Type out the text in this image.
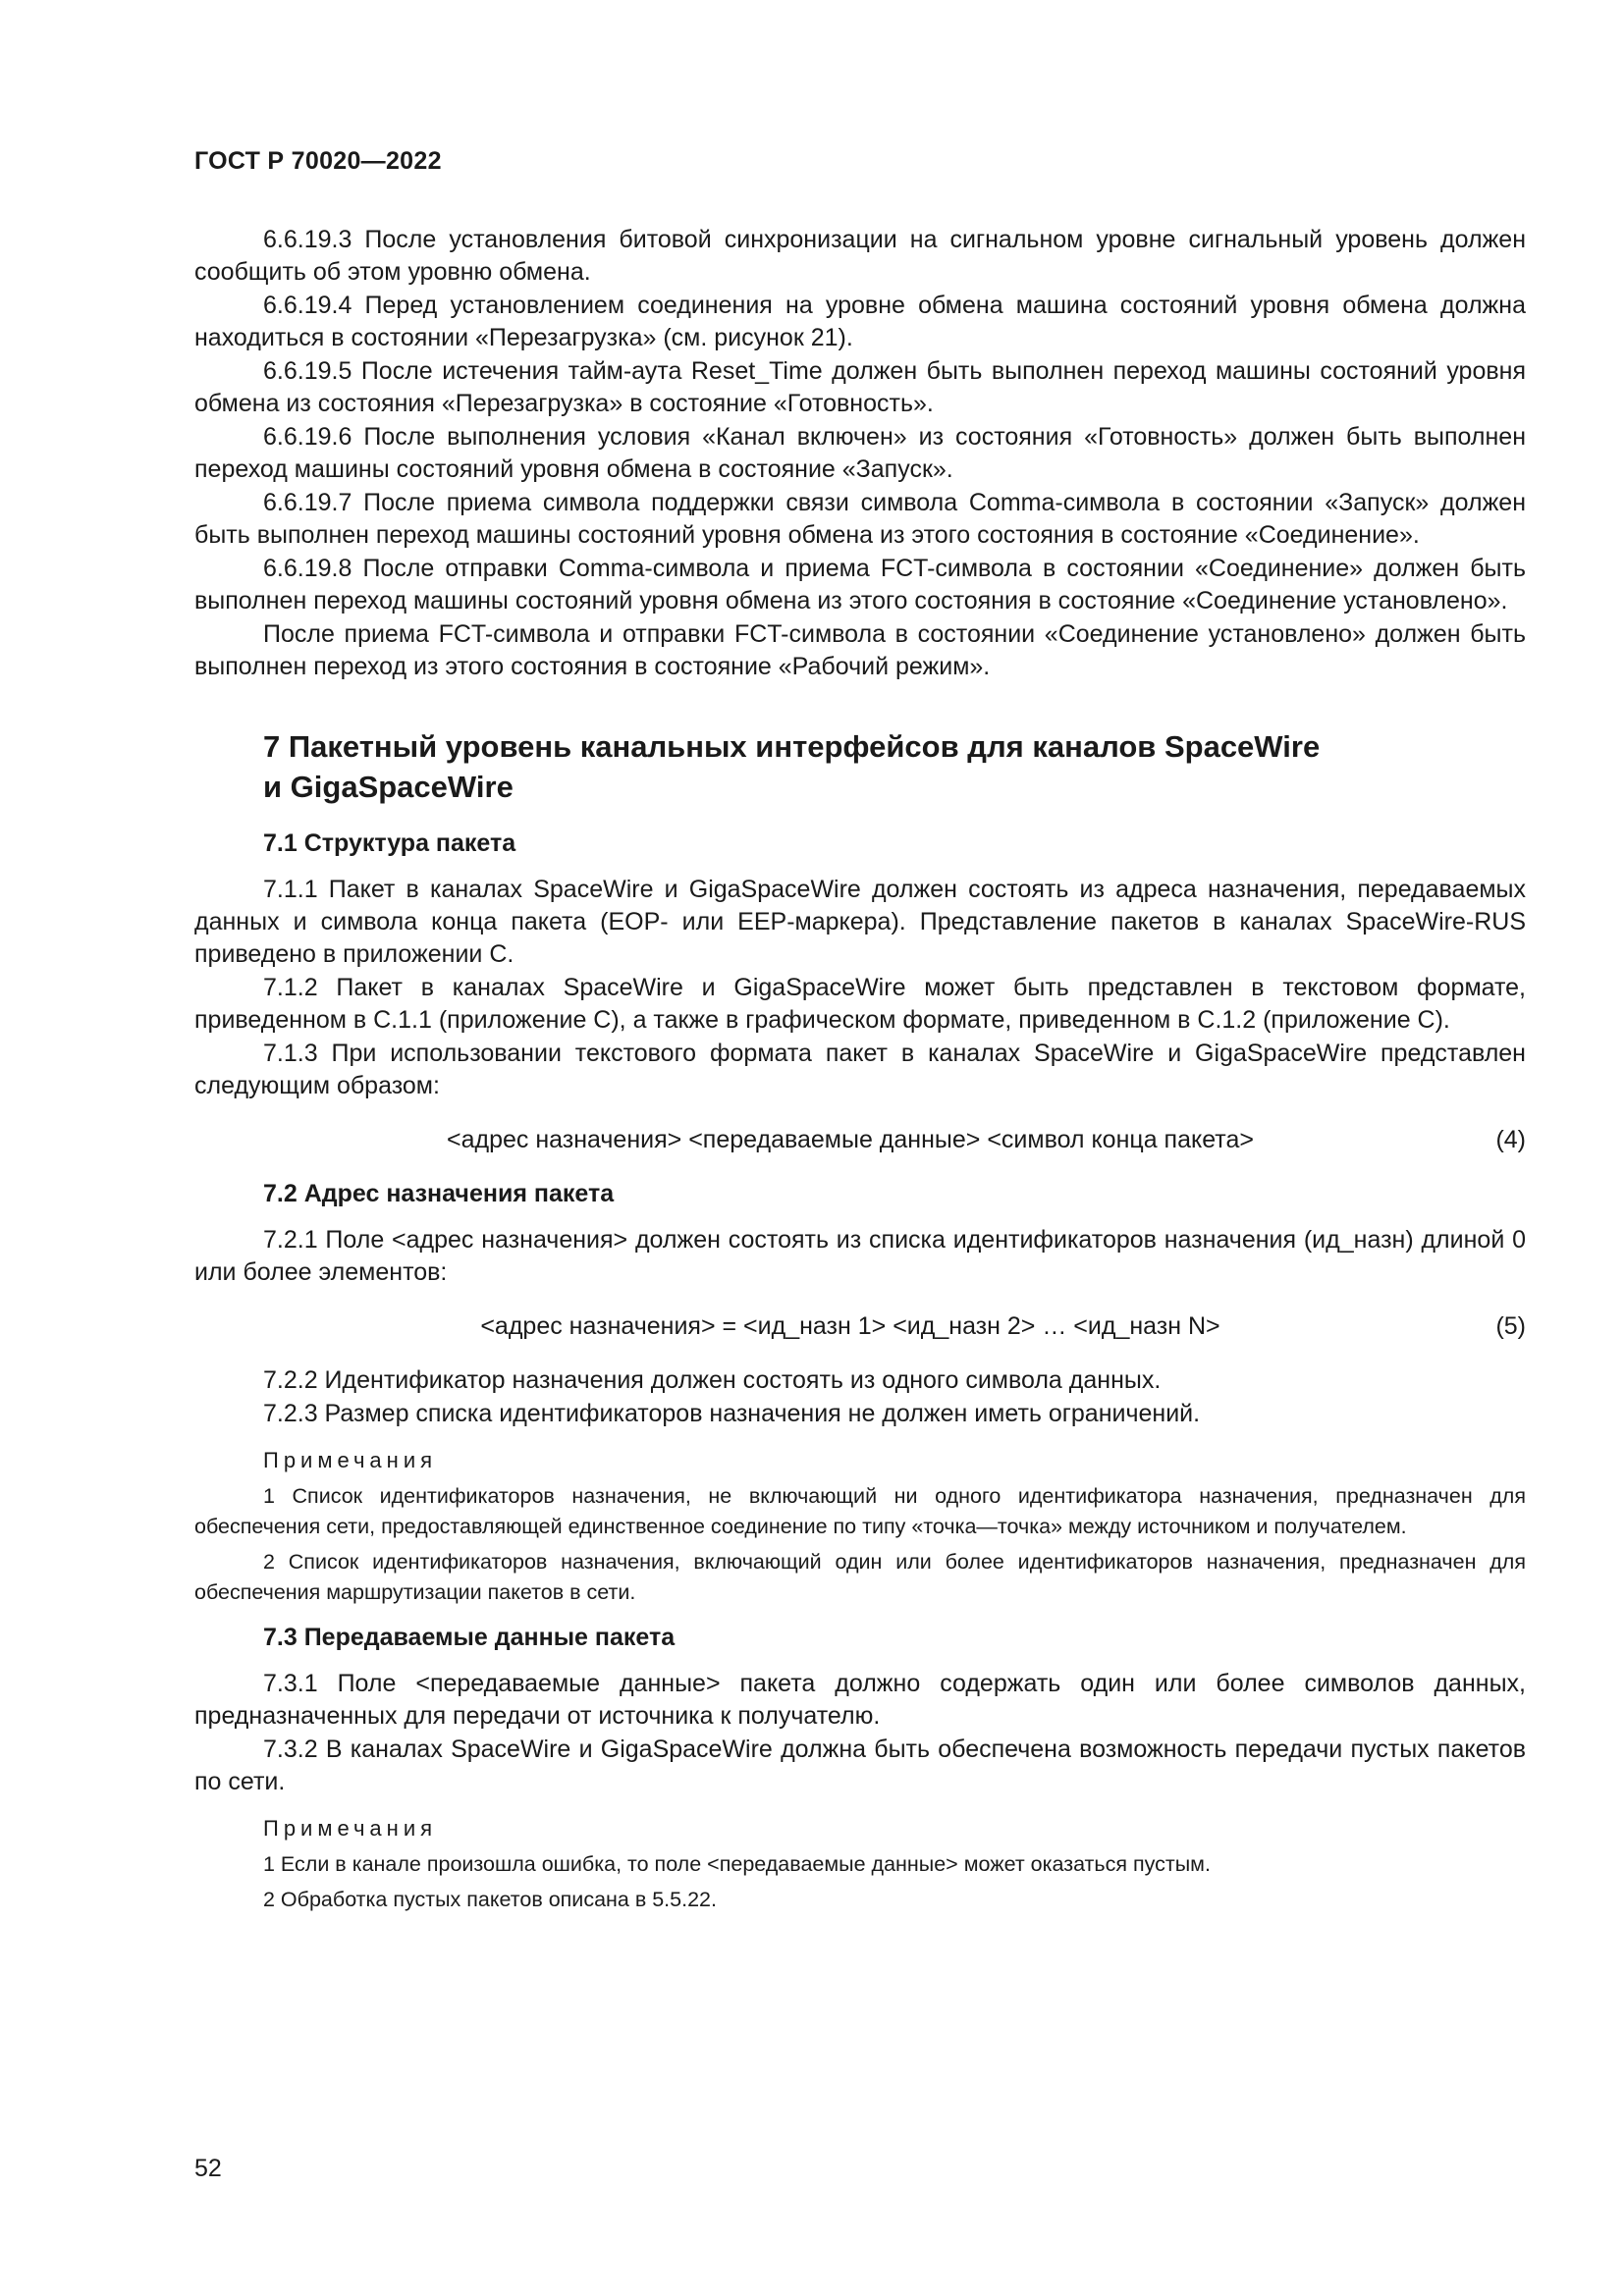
ГОСТ Р 70020—2022

6.6.19.3 После установления битовой синхронизации на сигнальном уровне сигнальный уровень должен сообщить об этом уровню обмена.

6.6.19.4 Перед установлением соединения на уровне обмена машина состояний уровня обмена должна находиться в состоянии «Перезагрузка» (см. рисунок 21).

6.6.19.5 После истечения тайм-аута Reset_Time должен быть выполнен переход машины состояний уровня обмена из состояния «Перезагрузка» в состояние «Готовность».

6.6.19.6 После выполнения условия «Канал включен» из состояния «Готовность» должен быть выполнен переход машины состояний уровня обмена в состояние «Запуск».

6.6.19.7 После приема символа поддержки связи символа Comma-символа в состоянии «Запуск» должен быть выполнен переход машины состояний уровня обмена из этого состояния в состояние «Соединение».

6.6.19.8 После отправки Comma-символа и приема FCT-символа в состоянии «Соединение» должен быть выполнен переход машины состояний уровня обмена из этого состояния в состояние «Соединение установлено».

После приема FCT-символа и отправки FCT-символа в состоянии «Соединение установлено» должен быть выполнен переход из этого состояния в состояние «Рабочий режим».

7 Пакетный уровень канальных интерфейсов для каналов SpaceWire
и GigaSpaceWire
7.1 Структура пакета

7.1.1 Пакет в каналах SpaceWire и GigaSpaceWire должен состоять из адреса назначения, передаваемых данных и символа конца пакета (EOP- или EEP-маркера). Представление пакетов в каналах SpaceWire-RUS приведено в приложении С.

7.1.2 Пакет в каналах SpaceWire и GigaSpaceWire может быть представлен в текстовом формате, приведенном в С.1.1 (приложение С), а также в графическом формате, приведенном в С.1.2 (приложение С).

7.1.3 При использовании текстового формата пакет в каналах SpaceWire и GigaSpaceWire представлен следующим образом:

<адрес назначения> <передаваемые данные> <символ конца пакета>	(4)
7.2 Адрес назначения пакета

7.2.1 Поле <адрес назначения> должен состоять из списка идентификаторов назначения (ид_назн) длиной 0 или более элементов:

<адрес назначения> = <ид_назн 1> <ид_назн 2> … <ид_назн N>	(5)

7.2.2 Идентификатор назначения должен состоять из одного символа данных.

7.2.3 Размер списка идентификаторов назначения не должен иметь ограничений.

Примечания

1 Список идентификаторов назначения, не включающий ни одного идентификатора назначения, предназначен для обеспечения сети, предоставляющей единственное соединение по типу «точка—точка» между источником и получателем.

2 Список идентификаторов назначения, включающий один или более идентификаторов назначения, предназначен для обеспечения маршрутизации пакетов в сети.

7.3 Передаваемые данные пакета

7.3.1 Поле <передаваемые данные> пакета должно содержать один или более символов данных, предназначенных для передачи от источника к получателю.

7.3.2 В каналах SpaceWire и GigaSpaceWire должна быть обеспечена возможность передачи пустых пакетов по сети.

Примечания

1 Если в канале произошла ошибка, то поле <передаваемые данные> может оказаться пустым.

2 Обработка пустых пакетов описана в 5.5.22.

52
